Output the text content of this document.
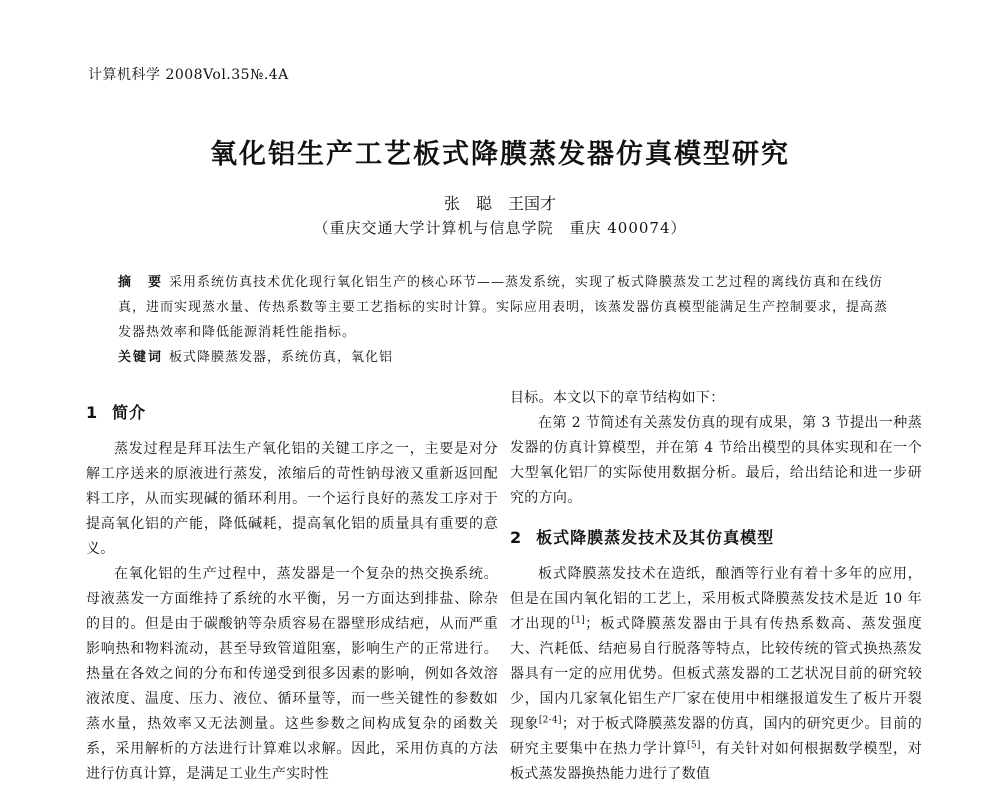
计算机科学 2008Vol.35№.4A
氧化铝生产工艺板式降膜蒸发器仿真模型研究
张　聪　王国才
（重庆交通大学计算机与信息学院　重庆 400074）
摘　要 采用系统仿真技术优化现行氧化铝生产的核心环节——蒸发系统，实现了板式降膜蒸发工艺过程的离线仿真和在线仿真，进而实现蒸水量、传热系数等主要工艺指标的实时计算。实际应用表明，该蒸发器仿真模型能满足生产控制要求，提高蒸发器热效率和降低能源消耗性能指标。
关键词 板式降膜蒸发器，系统仿真，氧化铝
1 简介

蒸发过程是拜耳法生产氧化铝的关键工序之一，主要是对分解工序送来的原液进行蒸发，浓缩后的苛性钠母液又重新返回配料工序，从而实现碱的循环利用。一个运行良好的蒸发工序对于提高氧化铝的产能，降低碱耗，提高氧化铝的质量具有重要的意义。

在氧化铝的生产过程中，蒸发器是一个复杂的热交换系统。母液蒸发一方面维持了系统的水平衡，另一方面达到排盐、除杂的目的。但是由于碳酸钠等杂质容易在器壁形成结疤，从而严重影响热和物料流动，甚至导致管道阻塞，影响生产的正常进行。热量在各效之间的分布和传递受到很多因素的影响，例如各效溶液浓度、温度、压力、液位、循环量等，而一些关键性的参数如蒸水量，热效率又无法测量。这些参数之间构成复杂的函数关系，采用解析的方法进行计算难以求解。因此，采用仿真的方法进行仿真计算，是满足工业生产实时性

目标。本文以下的章节结构如下：

在第 2 节简述有关蒸发仿真的现有成果，第 3 节提出一种蒸发器的仿真计算模型，并在第 4 节给出模型的具体实现和在一个大型氧化铝厂的实际使用数据分析。最后，给出结论和进一步研究的方向。

2 板式降膜蒸发技术及其仿真模型

板式降膜蒸发技术在造纸，酿酒等行业有着十多年的应用，但是在国内氧化铝的工艺上，采用板式降膜蒸发技术是近 10 年才出现的[1]；板式降膜蒸发器由于具有传热系数高、蒸发强度大、汽耗低、结疤易自行脱落等特点，比较传统的管式换热蒸发器具有一定的应用优势。但板式蒸发器的工艺状况目前的研究较少，国内几家氧化铝生产厂家在使用中相继报道发生了板片开裂现象[2-4]；对于板式降膜蒸发器的仿真，国内的研究更少。目前的研究主要集中在热力学计算[5]，有关针对如何根据数学模型，对板式蒸发器换热能力进行了数值
